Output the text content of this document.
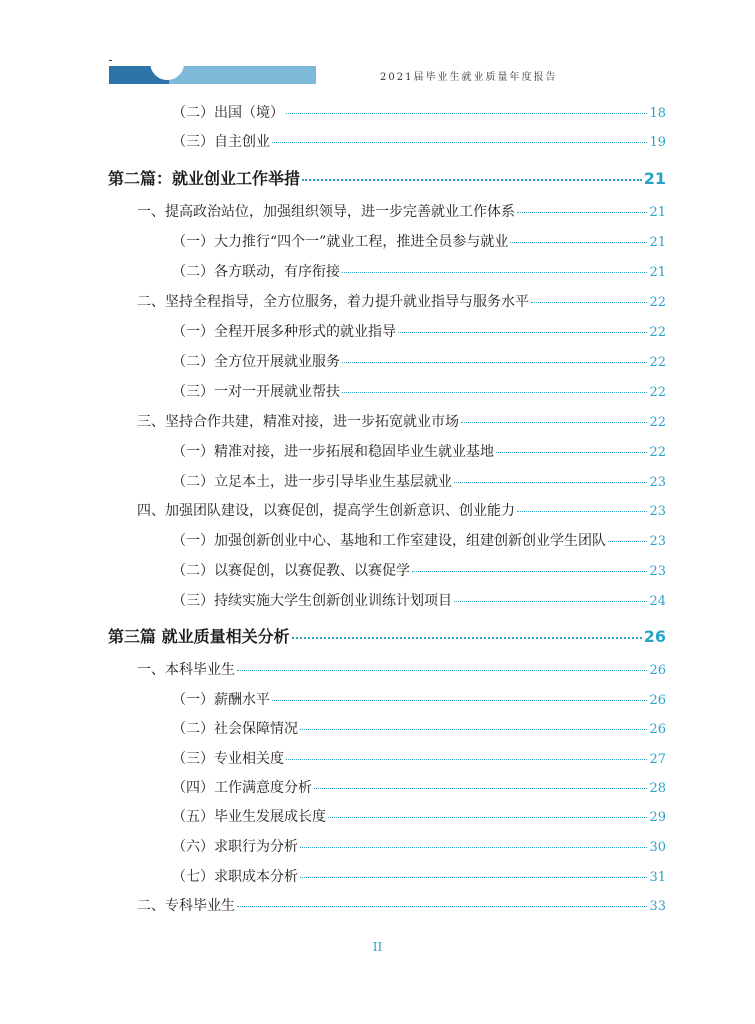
2021届毕业生就业质量年度报告
（二）出国（境）	18
（三）自主创业	19
第二篇：就业创业工作举措	21
一、提高政治站位，加强组织领导，进一步完善就业工作体系	21
（一）大力推行“四个一”就业工程，推进全员参与就业	21
（二）各方联动，有序衔接	21
二、坚持全程指导，全方位服务，着力提升就业指导与服务水平	22
（一）全程开展多种形式的就业指导	22
（二）全方位开展就业服务	22
（三）一对一开展就业帮扶	22
三、坚持合作共建，精准对接，进一步拓宽就业市场	22
（一）精准对接，进一步拓展和稳固毕业生就业基地	22
（二）立足本土，进一步引导毕业生基层就业	23
四、加强团队建设，以赛促创，提高学生创新意识、创业能力	23
（一）加强创新创业中心、基地和工作室建设，组建创新创业学生团队	23
（二）以赛促创，以赛促教、以赛促学	23
（三）持续实施大学生创新创业训练计划项目	24
第三篇 就业质量相关分析	26
一、本科毕业生	26
（一）薪酬水平	26
（二）社会保障情况	26
（三）专业相关度	27
（四）工作满意度分析	28
（五）毕业生发展成长度	29
（六）求职行为分析	30
（七）求职成本分析	31
二、专科毕业生	33
II
